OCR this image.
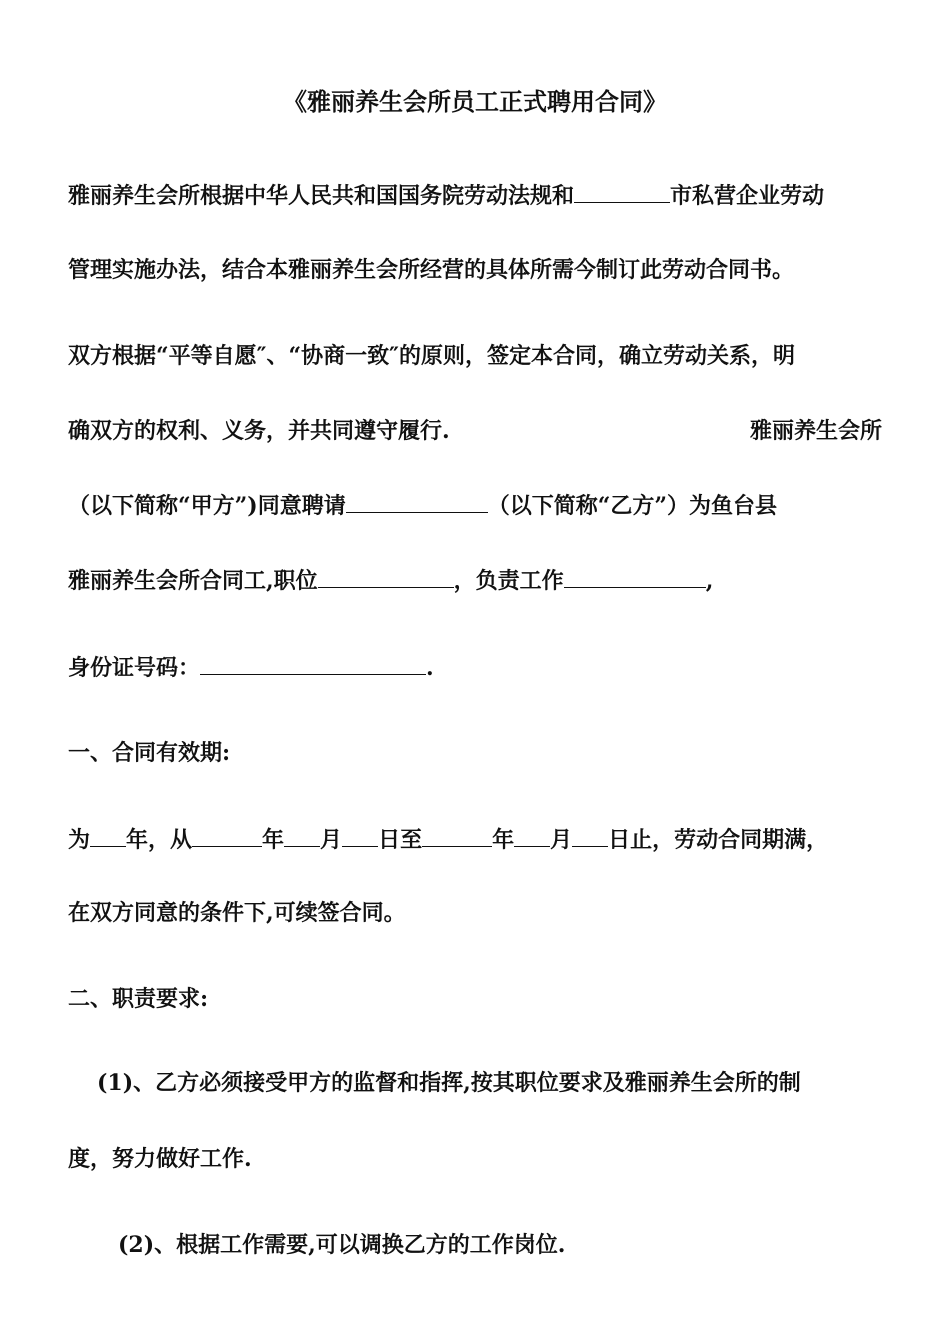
《雅丽养生会所员工正式聘用合同》
雅丽养生会所根据中华人民共和国国务院劳动法规和	市私营企业劳动
管理实施办法，结合本雅丽养生会所经营的具体所需今制订此劳动合同书。
双方根据“平等自愿″、“协商一致″的原则，签定本合同，确立劳动关系，明
确双方的权利、义务，并共同遵守履行.	雅丽养生会所
（以下简称“甲方”)同意聘请	（以下简称“乙方”）为鱼台县
雅丽养生会所合同工,职位	，负责工作	,
身份证号码：	.
一、合同有效期:
为 年，从	年 月 日至	年 月 日止，劳动合同期满，
在双方同意的条件下,可续签合同。
二、职责要求:
(1)、乙方必须接受甲方的监督和指挥,按其职位要求及雅丽养生会所的制
度，努力做好工作.
(2)、根据工作需要,可以调换乙方的工作岗位.
